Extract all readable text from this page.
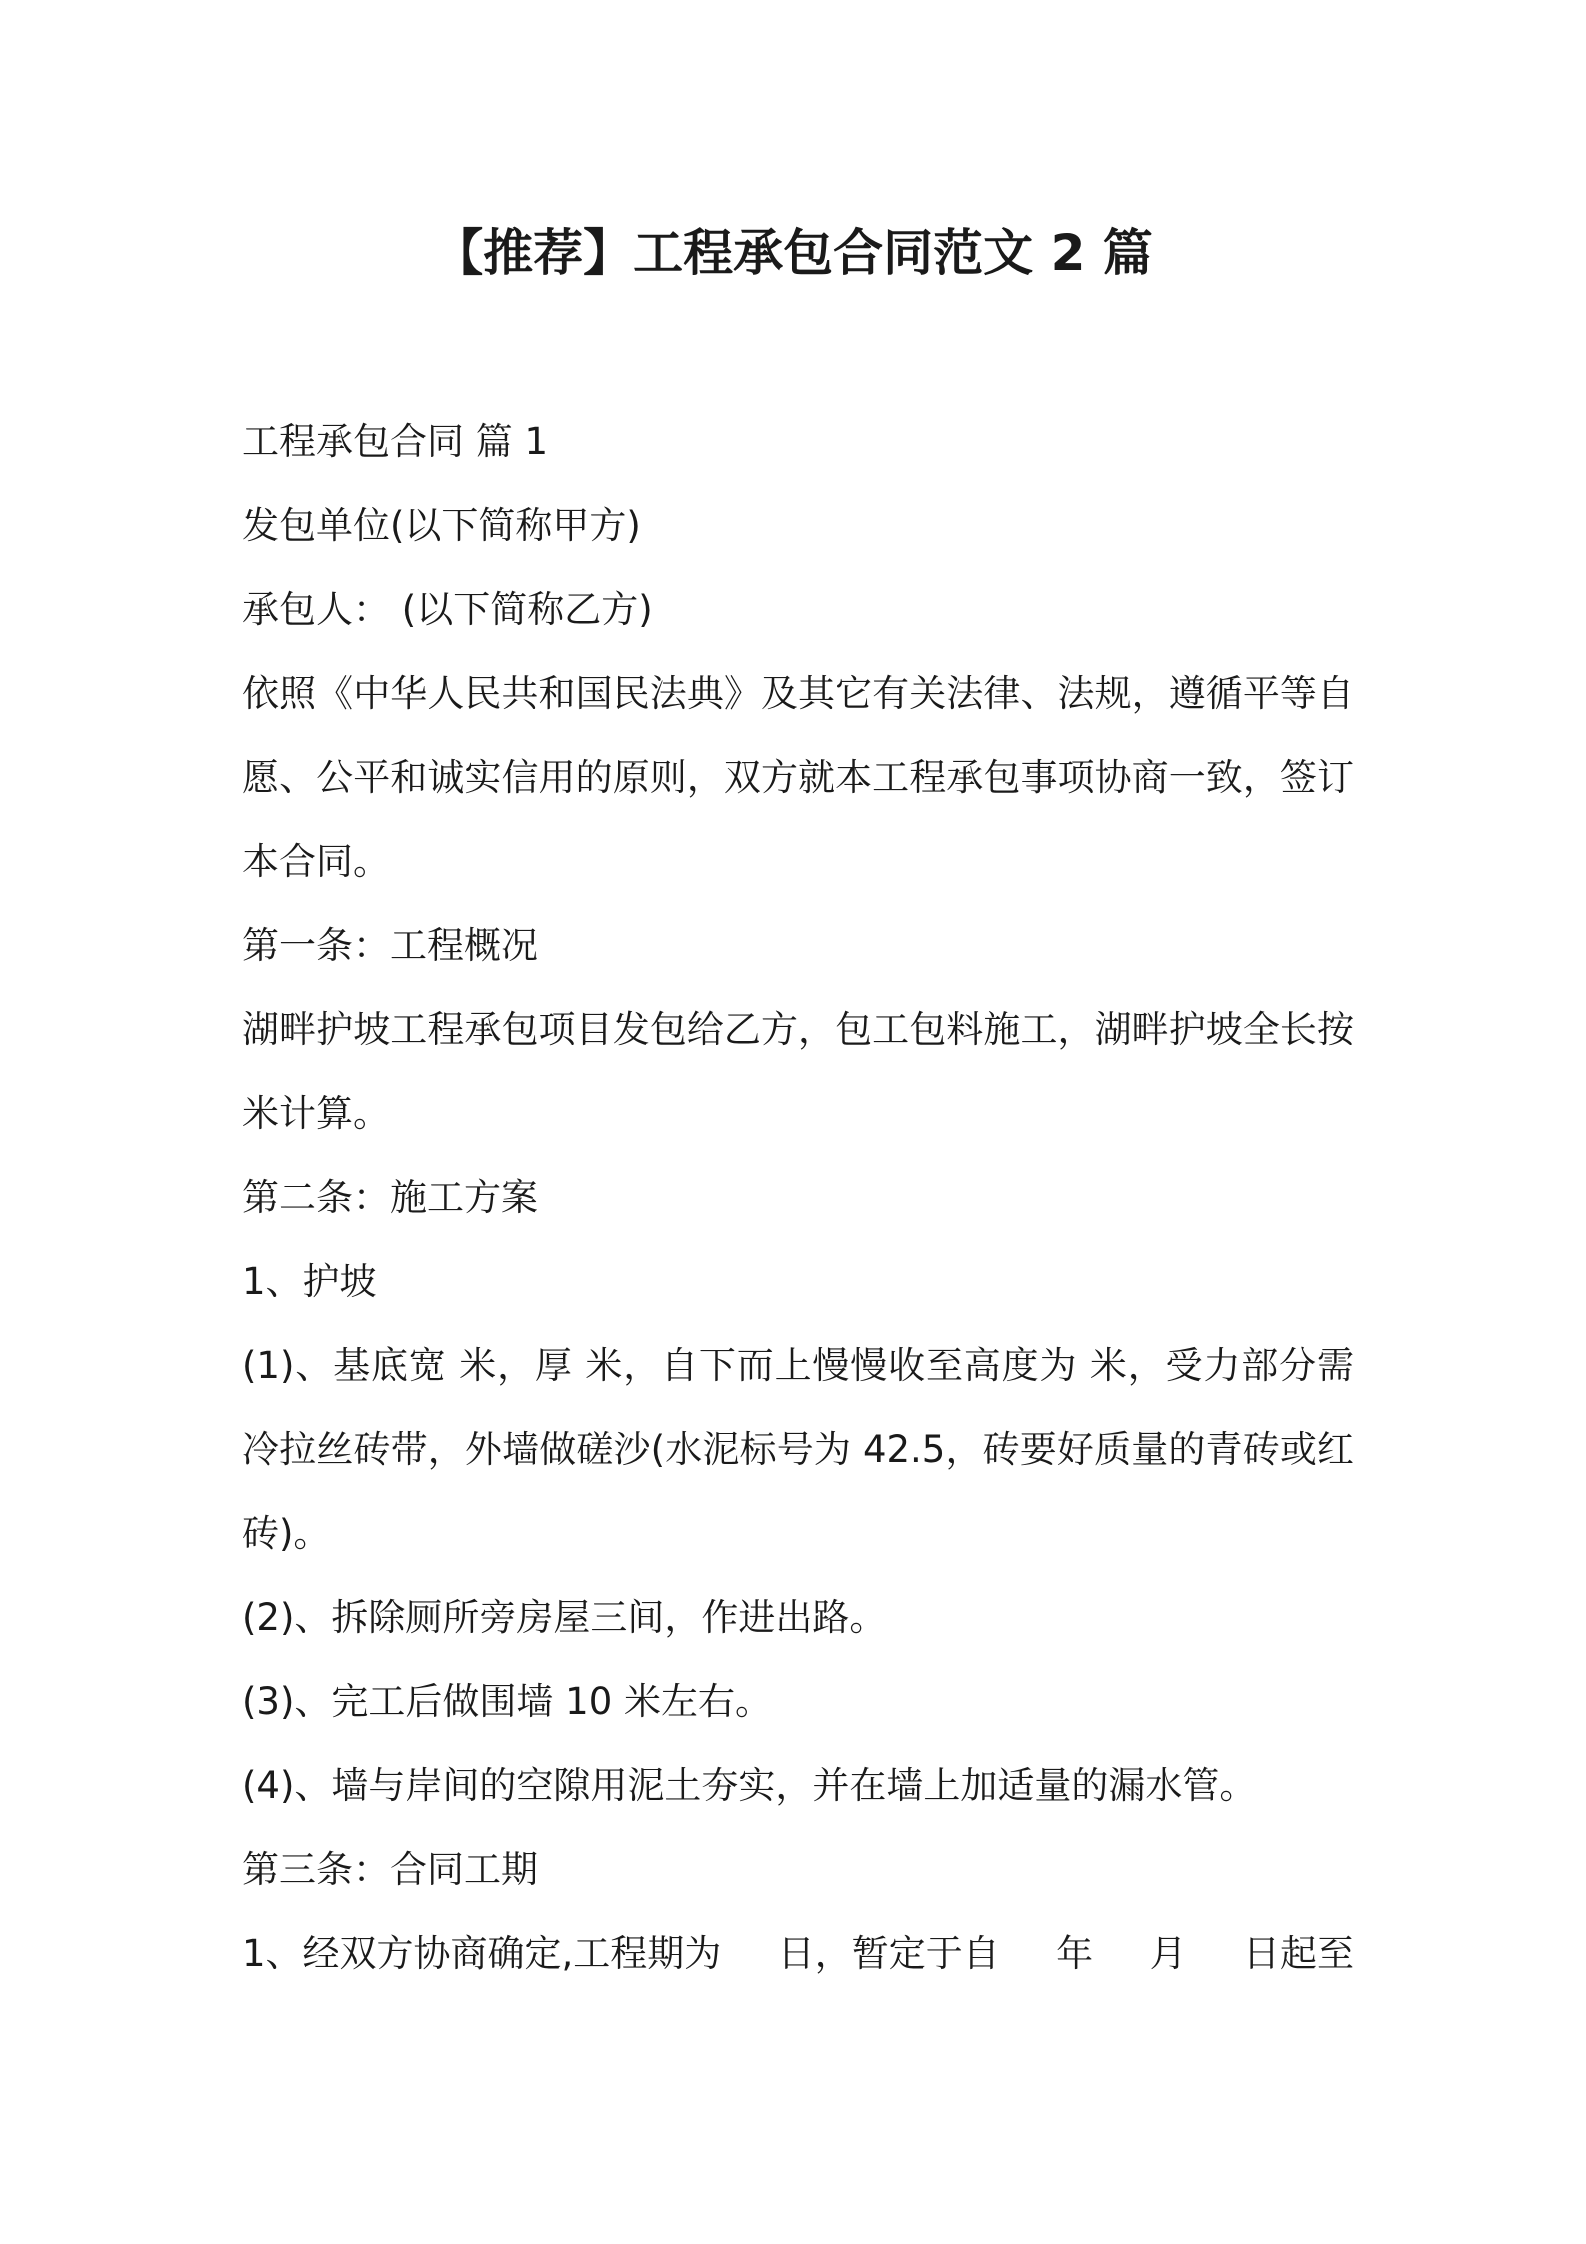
【推荐】工程承包合同范文 2 篇

工程承包合同 篇 1

发包单位(以下简称甲方)

承包人： (以下简称乙方)

依照《中华人民共和国民法典》及其它有关法律、法规，遵循平等自

愿、公平和诚实信用的原则，双方就本工程承包事项协商一致，签订

本合同。

第一条：工程概况

湖畔护坡工程承包项目发包给乙方，包工包料施工，湖畔护坡全长按

米计算。

第二条：施工方案

1、护坡

(1)、基底宽 米，厚 米，自下而上慢慢收至高度为 米，受力部分需

冷拉丝砖带，外墙做磋沙(水泥标号为 42.5，砖要好质量的青砖或红

砖)。

(2)、拆除厕所旁房屋三间，作进出路。

(3)、完工后做围墙 10 米左右。

(4)、墙与岸间的空隙用泥土夯实，并在墙上加适量的漏水管。

第三条：合同工期

1、经双方协商确定,工程期为 日，暂定于自 年 月 日起至
